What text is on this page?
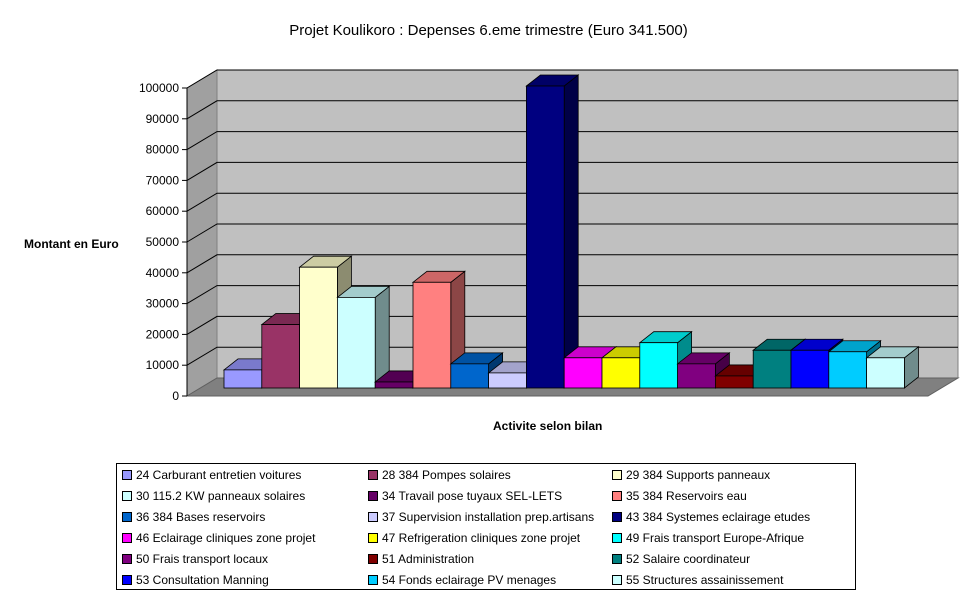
Projet Koulikoro : Depenses 6.eme trimestre (Euro 341.500)
0
10000
20000
30000
40000
50000
60000
70000
80000
90000
100000
Montant en Euro
Activite selon bilan
24 Carburant entretien voitures	28 384 Pompes solaires	29 384 Supports panneaux
30 115.2 KW panneaux solaires	34 Travail pose tuyaux SEL-LETS	35 384 Reservoirs eau
36 384 Bases reservoirs	37 Supervision installation prep.artisans	43 384 Systemes eclairage etudes
46 Eclairage cliniques zone projet	47 Refrigeration cliniques zone projet	49 Frais transport Europe-Afrique
50 Frais transport locaux	51 Administration	52 Salaire coordinateur
53 Consultation Manning	54 Fonds eclairage PV menages	55 Structures assainissement
